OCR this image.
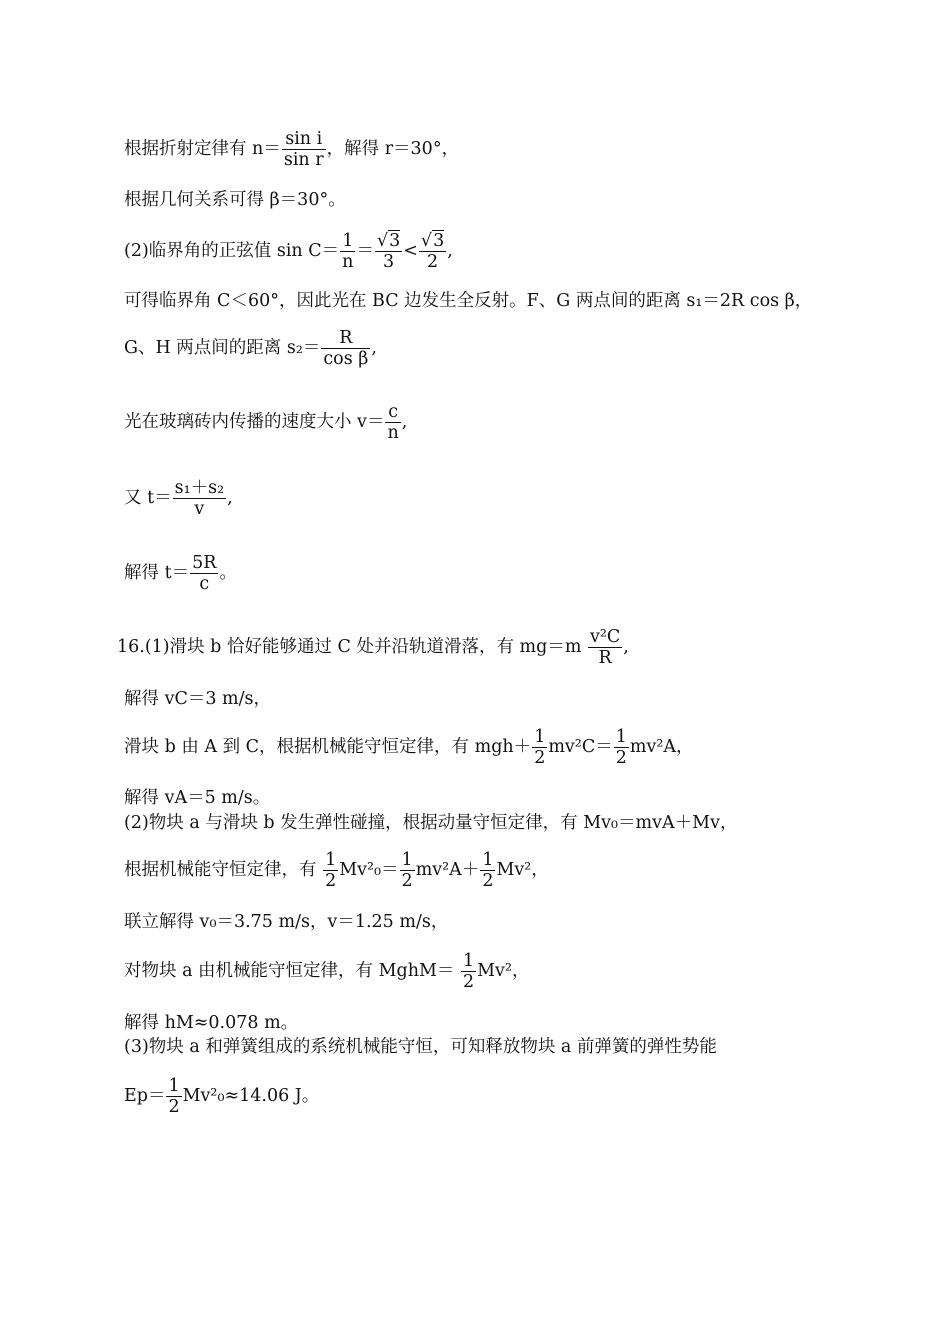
根据折射定律有 $n= \frac{\text{sin i}}{\text{sin r}}$ ，解得 r＝30°，
根据几何关系可得 β＝30°。
(2)临界角的正弦值 $\sin C= \frac{1}{n} = \frac{√3}{3} < \frac{√3}{2}$ ,
可得临界角 C＜60°，因此光在 BC 边发生全反射。F、G 两点间的距离 s₁＝2R cos β，
G、H 两点间的距离 $s_2= \frac{R}{\text{cos β}}$ ,
光在玻璃砖内传播的速度大小 $v= \frac{c}{n}$ ,
又 $t= \frac{\text{s₁＋s₂}}{v}$ ,
解得 $t= \frac{5R}{c}$ 。
16.(1)滑块 b 恰好能够通过 C 处并沿轨道滑落，有 $mg=m \frac{\text{v²C}}{R}$ ,
解得 vC＝3 m/s，
滑块 b 由 A 到 C，根据机械能守恒定律，有 $mgh+ \frac{1}{2} mv^2C= \frac{1}{2} mv^2A$，
解得 vA＝5 m/s。
(2)物块 a 与滑块 b 发生弹性碰撞，根据动量守恒定律，有 Mv₀＝mvA＋Mv，
根据机械能守恒定律，有 $\frac{1}{2} Mv^2_0= \frac{1}{2} mv^2A+ \frac{1}{2} Mv^2$，
联立解得 v₀＝3.75 m/s，v＝1.25 m/s，
对物块 a 由机械能守恒定律，有 MghM＝ $\frac{1}{2} Mv^2$，
解得 hM≈0.078 m。
(3)物块 a 和弹簧组成的系统机械能守恒，可知释放物块 a 前弹簧的弹性势能
$Ep= \frac{1}{2} Mv^2_0\approx 14.06$ J。
